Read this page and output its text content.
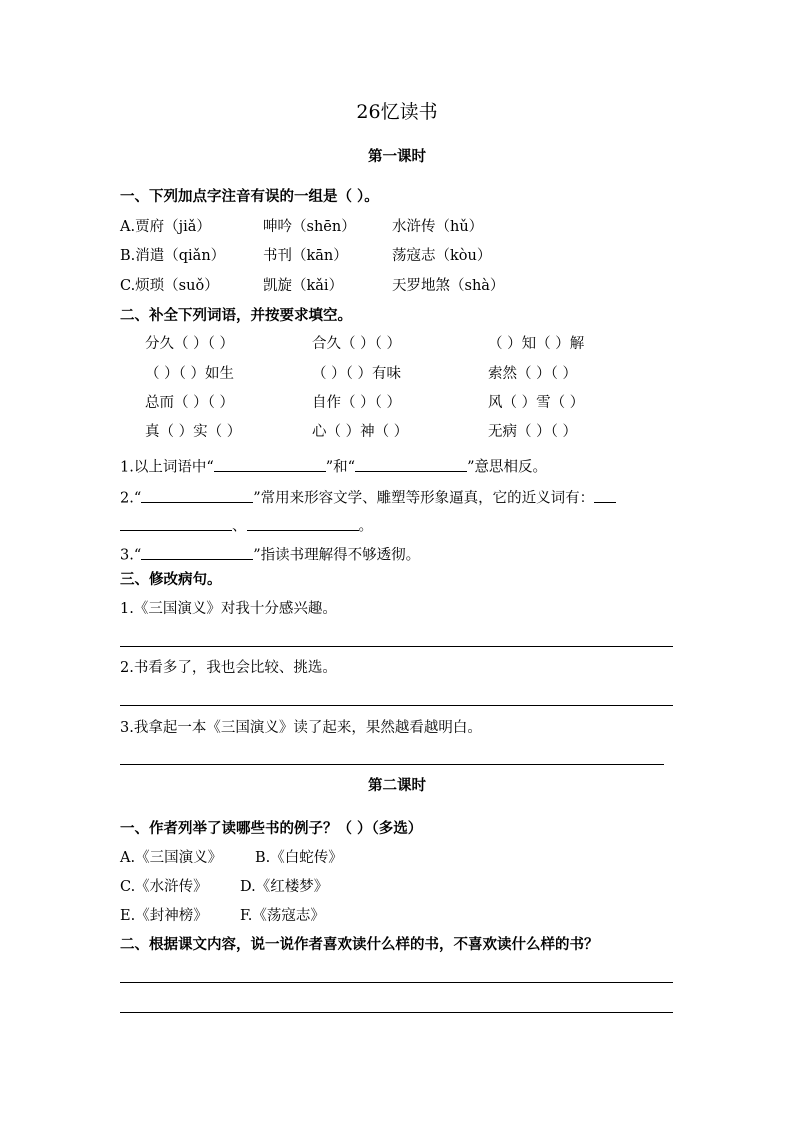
26忆读书
第一课时
一、下列加点字注音有误的一组是（ ）。
A.贾府（jiǎ）	呻吟（shēn）	水浒传（hǔ）
B.消遣（qiǎn）	书刊（kān）	荡寇志（kòu）
C.烦琐（suǒ）	凯旋（kǎi）	天罗地煞（shà）
二、补全下列词语，并按要求填空。
分久（ ）（ ）	合久（ ）（ ）	（ ）知（ ）解
（ ）（ ）如生	（ ）（ ）有味	索然（ ）（ ）
总而（ ）（ ）	自作（ ）（ ）	风（ ）雪（ ）
真（ ）实（ ）	心（ ）神（ ）	无病（ ）（ ）
1.以上词语中“	”和“	”意思相反。
2.“	”常用来形容文学、雕塑等形象逼真，它的近义词有：
、	。
3.“	”指读书理解得不够透彻。
三、修改病句。
1.《三国演义》对我十分感兴趣。
2.书看多了，我也会比较、挑选。
3.我拿起一本《三国演义》读了起来，果然越看越明白。
第二课时
一、作者列举了读哪些书的例子？（ ）（多选）
A.《三国演义》 B.《白蛇传》
C.《水浒传》 D.《红楼梦》
E.《封神榜》 F.《荡寇志》
二、根据课文内容，说一说作者喜欢读什么样的书，不喜欢读什么样的书？
